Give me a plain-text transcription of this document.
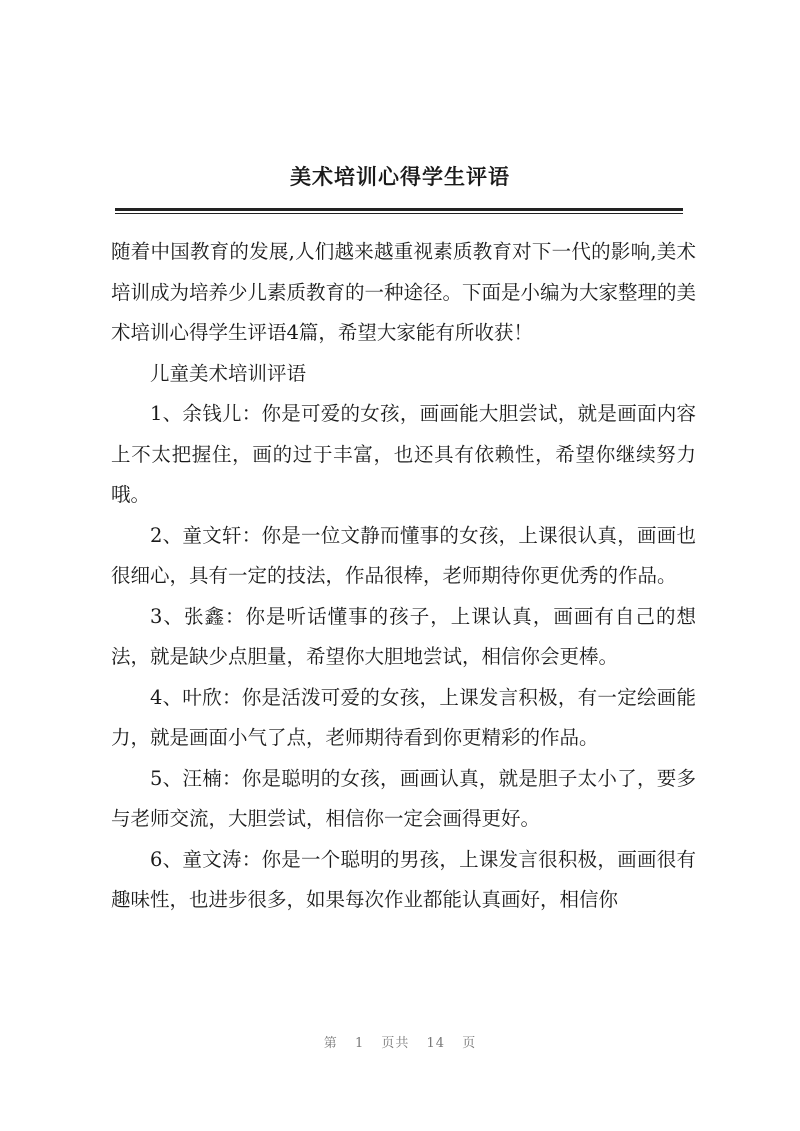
美术培训心得学生评语

随着中国教育的发展,人们越来越重视素质教育对下一代的影响,美术培训成为培养少儿素质教育的一种途径。下面是小编为大家整理的美术培训心得学生评语4篇，希望大家能有所收获！

儿童美术培训评语

1、余钱儿：你是可爱的女孩，画画能大胆尝试，就是画面内容上不太把握住，画的过于丰富，也还具有依赖性，希望你继续努力哦。

2、童文轩：你是一位文静而懂事的女孩，上课很认真，画画也很细心，具有一定的技法，作品很棒，老师期待你更优秀的作品。

3、张鑫：你是听话懂事的孩子，上课认真，画画有自己的想法，就是缺少点胆量，希望你大胆地尝试，相信你会更棒。

4、叶欣：你是活泼可爱的女孩，上课发言积极，有一定绘画能力，就是画面小气了点，老师期待看到你更精彩的作品。

5、汪楠：你是聪明的女孩，画画认真，就是胆子太小了，要多与老师交流，大胆尝试，相信你一定会画得更好。

6、童文涛：你是一个聪明的男孩，上课发言很积极，画画很有趣味性，也进步很多，如果每次作业都能认真画好，相信你

第 1 页共 14 页
